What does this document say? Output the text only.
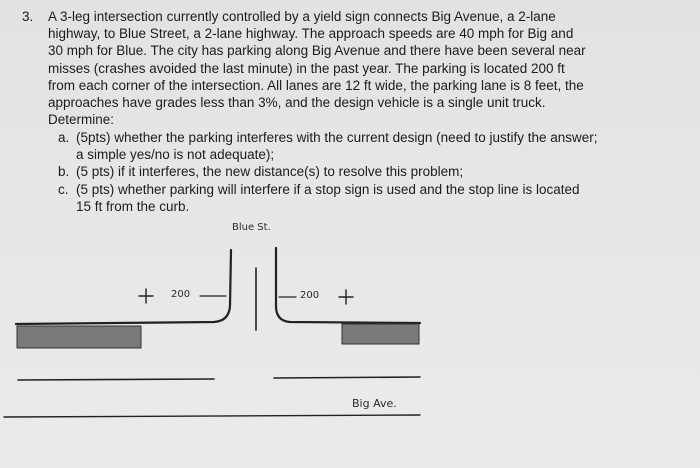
3. A 3-leg intersection currently controlled by a yield sign connects Big Avenue, a 2-lane
highway, to Blue Street, a 2-lane highway. The approach speeds are 40 mph for Big and
30 mph for Blue. The city has parking along Big Avenue and there have been several near
misses (crashes avoided the last minute) in the past year. The parking is located 200 ft
from each corner of the intersection. All lanes are 12 ft wide, the parking lane is 8 feet, the
approaches have grades less than 3%, and the design vehicle is a single unit truck.
Determine:
a. (5pts) whether the parking interferes with the current design (need to justify the answer;
a simple yes/no is not adequate);
b. (5 pts) if it interferes, the new distance(s) to resolve this problem;
c. (5 pts) whether parking will interfere if a stop sign is used and the stop line is located
15 ft from the curb.
Blue St.
200	200
Big Ave.
